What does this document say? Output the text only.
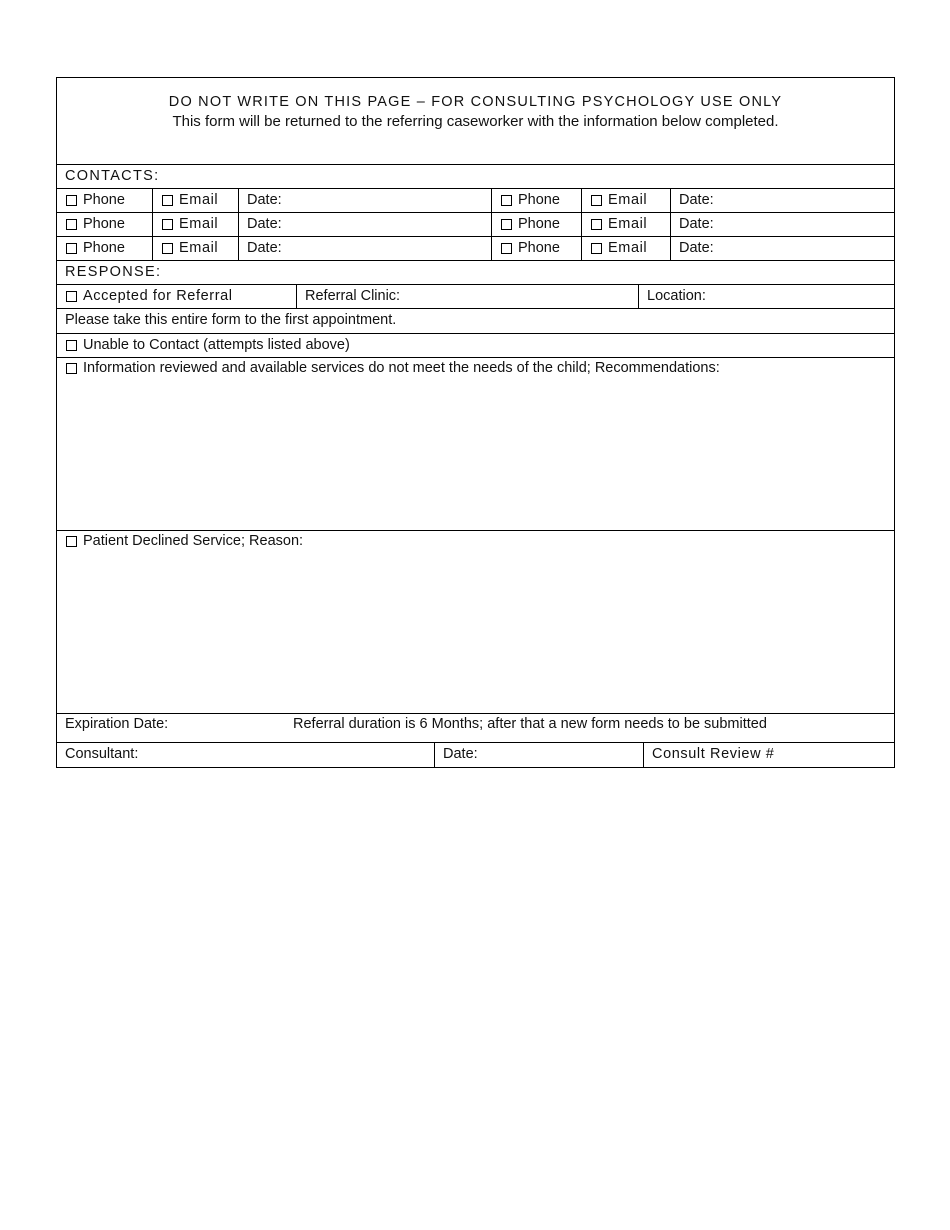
DO NOT WRITE ON THIS PAGE – FOR CONSULTING PSYCHOLOGY USE ONLY
This form will be returned to the referring caseworker with the information below completed.
CONTACTS:
Phone	Email	Date:	Phone	Email	Date:
Phone	Email	Date:	Phone	Email	Date:
Phone	Email	Date:	Phone	Email	Date:
RESPONSE:
Accepted for Referral	Referral Clinic:	Location:
Please take this entire form to the first appointment.
Unable to Contact (attempts listed above)
Information reviewed and available services do not meet the needs of the child; Recommendations:
Patient Declined Service; Reason:
Expiration Date:	Referral duration is 6 Months; after that a new form needs to be submitted
Consultant:	Date:	Consult Review #
